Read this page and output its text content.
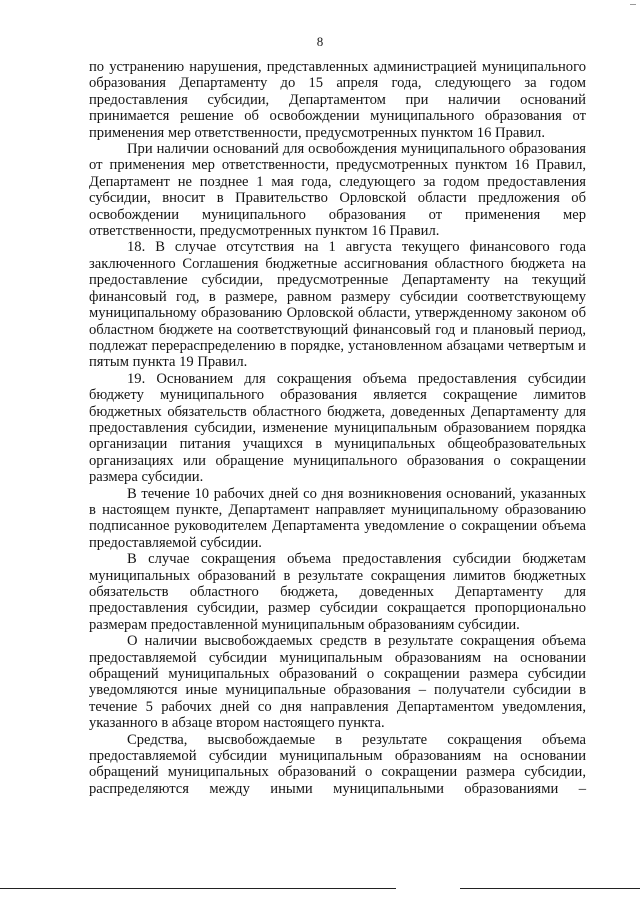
8

по устранению нарушения, представленных администрацией муниципального образования Департаменту до 15 апреля года, следующего за годом предоставления субсидии, Департаментом при наличии оснований принимается решение об освобождении муниципального образования от применения мер ответственности, предусмотренных пунктом 16 Правил.

При наличии оснований для освобождения муниципального образования от применения мер ответственности, предусмотренных пунктом 16 Правил, Департамент не позднее 1 мая года, следующего за годом предоставления субсидии, вносит в Правительство Орловской области предложения об освобождении муниципального образования от применения мер ответственности, предусмотренных пунктом 16 Правил.

18. В случае отсутствия на 1 августа текущего финансового года заключенного Соглашения бюджетные ассигнования областного бюджета на предоставление субсидии, предусмотренные Департаменту на текущий финансовый год, в размере, равном размеру субсидии соответствующему муниципальному образованию Орловской области, утвержденному законом об областном бюджете на соответствующий финансовый год и плановый период, подлежат перераспределению в порядке, установленном абзацами четвертым и пятым пункта 19 Правил.

19. Основанием для сокращения объема предоставления субсидии бюджету муниципального образования является сокращение лимитов бюджетных обязательств областного бюджета, доведенных Департаменту для предоставления субсидии, изменение муниципальным образованием порядка организации питания учащихся в муниципальных общеобразовательных организациях или обращение муниципального образования о сокращении размера субсидии.

В течение 10 рабочих дней со дня возникновения оснований, указанных в настоящем пункте, Департамент направляет муниципальному образованию подписанное руководителем Департамента уведомление о сокращении объема предоставляемой субсидии.

В случае сокращения объема предоставления субсидии бюджетам муниципальных образований в результате сокращения лимитов бюджетных обязательств областного бюджета, доведенных Департаменту для предоставления субсидии, размер субсидии сокращается пропорционально размерам предоставленной муниципальным образованиям субсидии.

О наличии высвобождаемых средств в результате сокращения объема предоставляемой субсидии муниципальным образованиям на основании обращений муниципальных образований о сокращении размера субсидии уведомляются иные муниципальные образования – получатели субсидии в течение 5 рабочих дней со дня направления Департаментом уведомления, указанного в абзаце втором настоящего пункта.

Средства, высвобождаемые в результате сокращения объема предоставляемой субсидии муниципальным образованиям на основании обращений муниципальных образований о сокращении размера субсидии, распределяются между иными муниципальными образованиями –
